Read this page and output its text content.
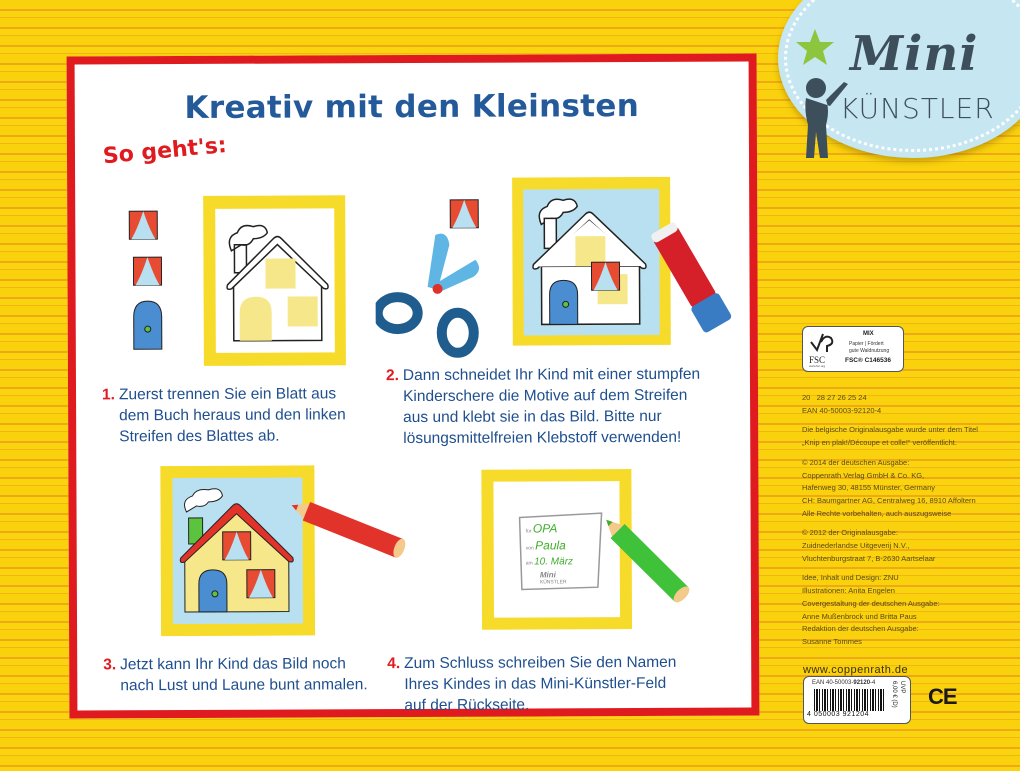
Mini
KÜNSTLER
Kreativ mit den Kleinsten
So geht's:
1. Zuerst trennen Sie ein Blatt aus
dem Buch heraus und den linken
Streifen des Blattes ab.
2. Dann schneidet Ihr Kind mit einer stumpfen
Kinderschere die Motive auf dem Streifen
aus und klebt sie in das Bild. Bitte nur
lösungsmittelfreien Klebstoff verwenden!
für OPA
von Paula
am 10. März
Mini
KÜNSTLER
3. Jetzt kann Ihr Kind das Bild noch
nach Lust und Laune bunt anmalen.
4. Zum Schluss schreiben Sie den Namen
Ihres Kindes in das Mini-Künstler-Feld
auf der Rückseite.
FSC
www.fsc.org
MIX
Papier | Fördert
gute Waldnutzung
FSC® C146536

20   28 27 26 25 24

EAN 40-50003-92120-4

Die belgische Originalausgabe wurde unter dem Titel

„Knip en plak!/Découpe et colle!“ veröffentlicht.

© 2014 der deutschen Ausgabe:

Coppenrath Verlag GmbH & Co. KG,

Hafenweg 30, 48155 Münster, Germany

CH: Baumgartner AG, Centralweg 16, 8910 Affoltern

Alle Rechte vorbehalten, auch auszugsweise

© 2012 der Originalausgabe:

Zuidnederlandse Uitgeverij N.V.,

Vluchtenburgstraat 7, B-2630 Aartselaar

Idee, Inhalt und Design: ZNU

Illustrationen: Anita Engelen

Covergestaltung der deutschen Ausgabe:

Anne Mußenbrock und Britta Paus

Redaktion der deutschen Ausgabe:

Susanne Tommes

www.coppenrath.de
EAN 40-50003-92120-4
4 050003 921204
UVP
6,00 € (D) CE
